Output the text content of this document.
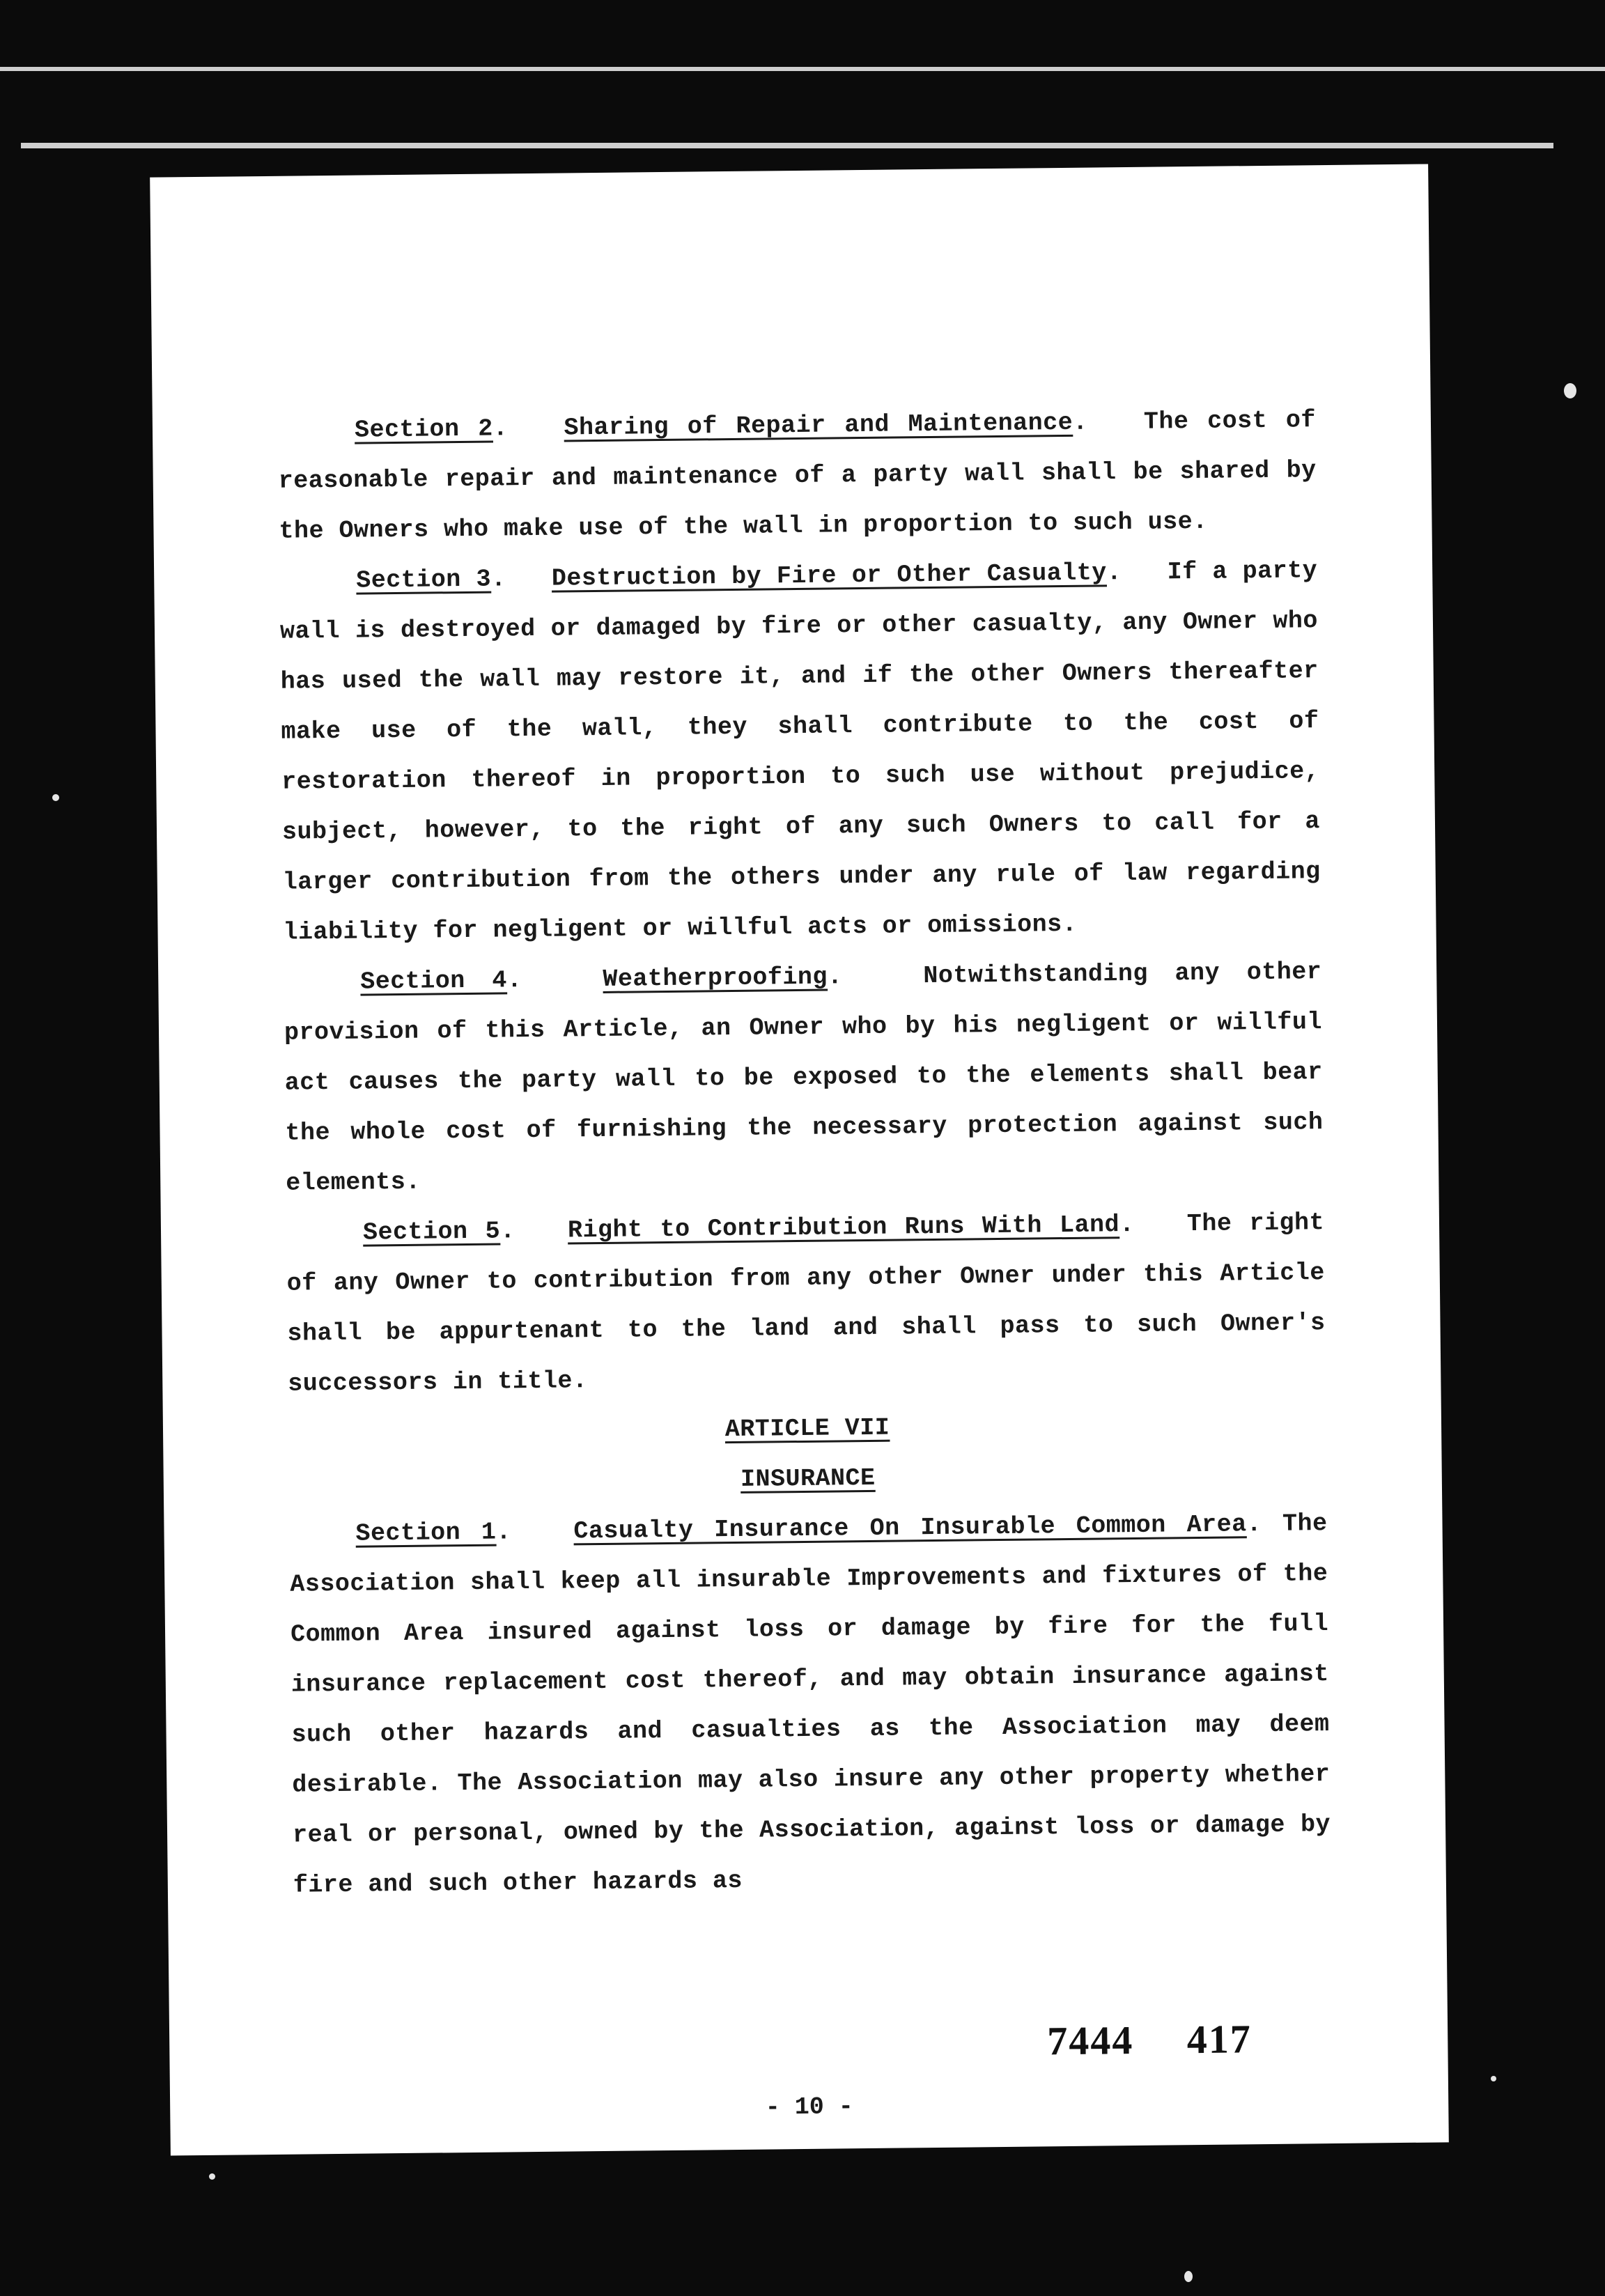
Section 2.   Sharing of Repair and Maintenance.   The cost of reasonable repair and maintenance of a party wall shall be shared by the Owners who make use of the wall in proportion to such use.

Section 3.   Destruction by Fire or Other Casualty.   If a party wall is destroyed or damaged by fire or other casualty, any Owner who has used the wall may restore it, and if the other Owners thereafter make use of the wall, they shall contribute to the cost of restoration thereof in proportion to such use without prejudice, subject, however, to the right of any such Owners to call for a larger contribution from the others under any rule of law regarding liability for negligent or willful acts or omissions.

Section 4.   Weatherproofing.   Notwithstanding any other provision of this Article, an Owner who by his negligent or willful act causes the party wall to be exposed to the elements shall bear the whole cost of furnishing the necessary protection against such elements.

Section 5.   Right to Contribution Runs With Land.   The right of any Owner to contribution from any other Owner under this Article shall be appurtenant to the land and shall pass to such Owner's successors in title.

ARTICLE VII

INSURANCE

Section 1.   Casualty Insurance On Insurable Common Area. The Association shall keep all insurable Improvements and fixtures of the Common Area insured against loss or damage by fire for the full insurance replacement cost thereof, and may obtain insurance against such other hazards and casualties as the Association may deem desirable. The Association may also insure any other property whether real or personal, owned by the Association, against loss or damage by fire and such other hazards as

7444 417
- 10 -
